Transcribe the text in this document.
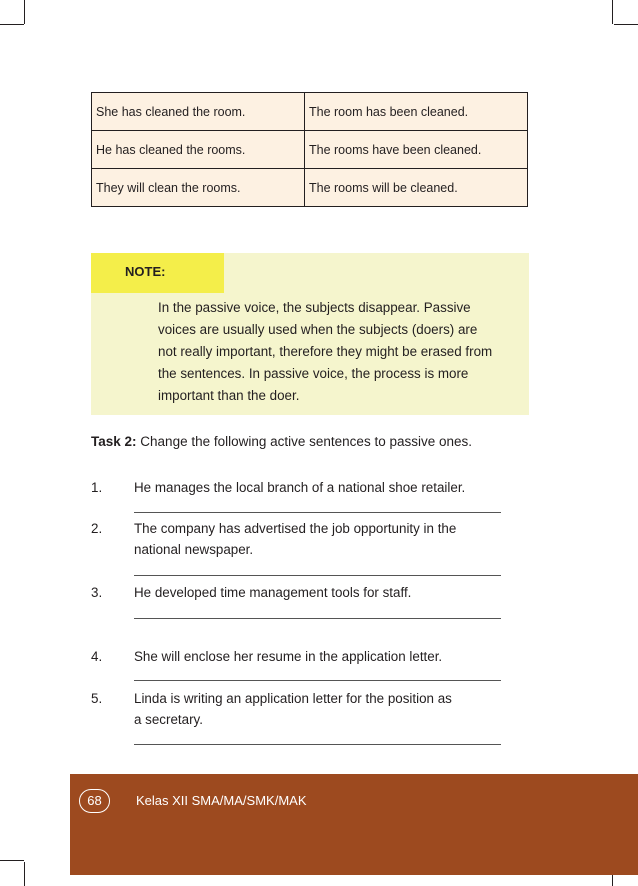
She has cleaned the room.	The room has been cleaned.
He has cleaned the rooms.	The rooms have been cleaned.
They will clean the rooms.	The rooms will be cleaned.
NOTE:
In the passive voice, the subjects disappear. Passive
voices are usually used when the subjects (doers) are
not really important, therefore they might be erased from
the sentences. In passive voice, the process is more
important than the doer.
Task 2: Change the following active sentences to passive ones.
1.	He manages the local branch of a national shoe retailer.
2.	The company has advertised the job opportunity in the
national newspaper.
3.	He developed time management tools for staff.
4.	She will enclose her resume in the application letter.
5.	Linda is writing an application letter for the position as
a secretary.
68	Kelas XII SMA/MA/SMK/MAK
